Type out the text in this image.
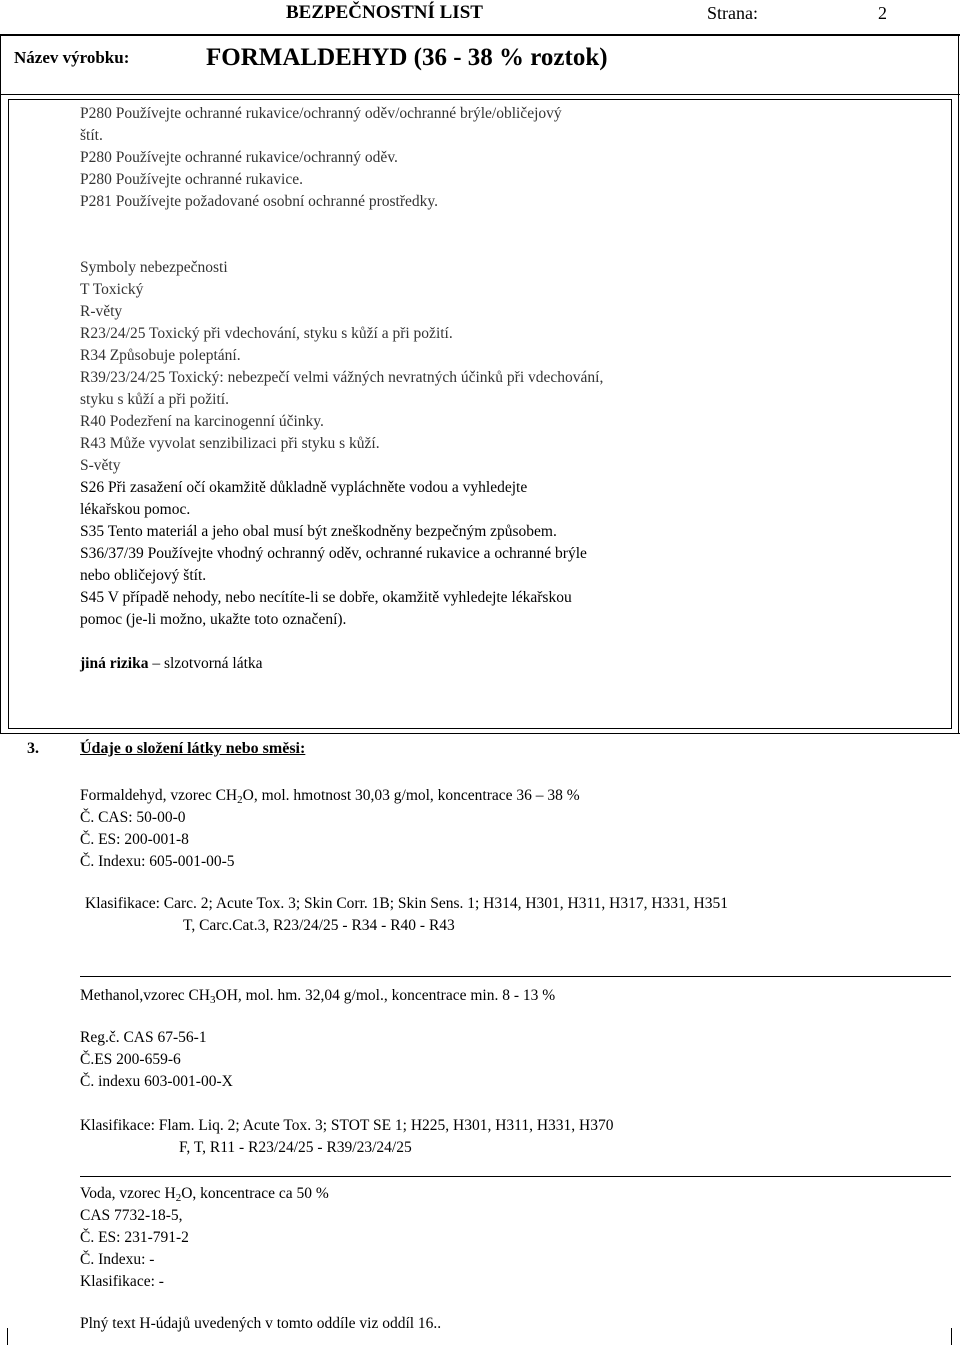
BEZPEČNOSTNÍ LIST	Strana:	2
Název výrobku:	FORMALDEHYD (36 - 38 % roztok)
P280 Používejte ochranné rukavice/ochranný oděv/ochranné brýle/obličejový
štít.
P280 Používejte ochranné rukavice/ochranný oděv.
P280 Používejte ochranné rukavice.
P281 Používejte požadované osobní ochranné prostředky.
Symboly nebezpečnosti
T Toxický
R-věty
R23/24/25 Toxický při vdechování, styku s kůží a při požití.
R34 Způsobuje poleptání.
R39/23/24/25 Toxický: nebezpečí velmi vážných nevratných účinků při vdechování,
styku s kůží a při požití.
R40 Podezření na karcinogenní účinky.
R43 Může vyvolat senzibilizaci při styku s kůží.
S-věty
S26 Při zasažení očí okamžitě důkladně vypláchněte vodou a vyhledejte
lékařskou pomoc.
S35 Tento materiál a jeho obal musí být zneškodněny bezpečným způsobem.
S36/37/39 Používejte vhodný ochranný oděv, ochranné rukavice a ochranné brýle
nebo obličejový štít.
S45 V případě nehody, nebo necítíte-li se dobře, okamžitě vyhledejte lékařskou
pomoc (je-li možno, ukažte toto označení).
jiná rizika – slzotvorná látka
3.	Údaje o složení látky nebo směsi:
Formaldehyd, vzorec $CH_2O$, mol. hmotnost 30,03 g/mol, koncentrace 36 – 38 %
Č. CAS: 50-00-0
Č. ES: 200-001-8
Č. Indexu: 605-001-00-5
Klasifikace: Carc. 2; Acute Tox. 3; Skin Corr. 1B; Skin Sens. 1; H314, H301, H311, H317, H331, H351
T, Carc.Cat.3, R23/24/25 - R34 - R40 - R43
Methanol,vzorec $CH_3OH$, mol. hm. 32,04 g/mol., koncentrace min. 8 - 13 %
Reg.č. CAS 67-56-1
Č.ES 200-659-6
Č. indexu 603-001-00-X
Klasifikace: Flam. Liq. 2; Acute Tox. 3; STOT SE 1; H225, H301, H311, H331, H370
F, T, R11 - R23/24/25 - R39/23/24/25
Voda, vzorec $H_2O$, koncentrace ca 50 %
CAS 7732-18-5,
Č. ES: 231-791-2
Č. Indexu: -
Klasifikace: -
Plný text H-údajů uvedených v tomto oddíle viz oddíl 16..
